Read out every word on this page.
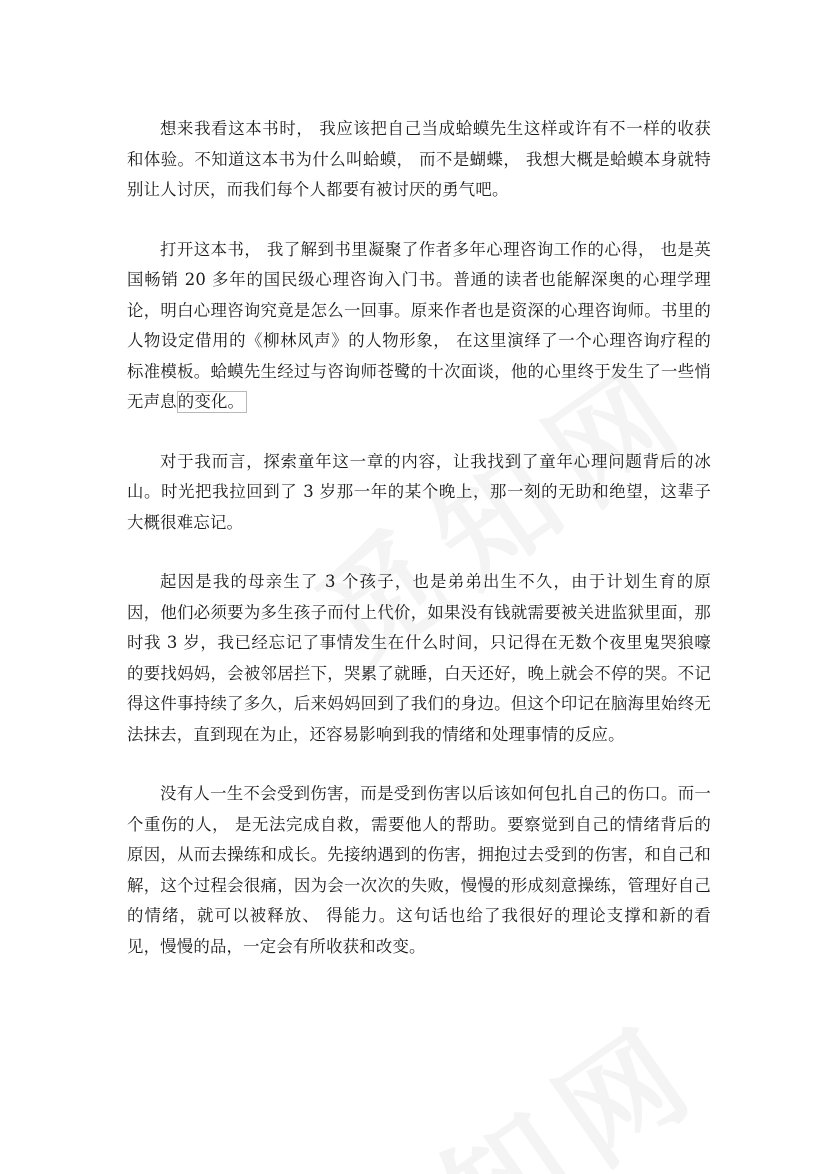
想来我看这本书时， 我应该把自己当成蛤蟆先生这样或许有不一样的收获和体验。不知道这本书为什么叫蛤蟆， 而不是蝴蝶， 我想大概是蛤蟆本身就特别让人讨厌，而我们每个人都要有被讨厌的勇气吧。

打开这本书， 我了解到书里凝聚了作者多年心理咨询工作的心得， 也是英国畅销 20 多年的国民级心理咨询入门书。普通的读者也能解深奥的心理学理论，明白心理咨询究竟是怎么一回事。原来作者也是资深的心理咨询师。书里的人物设定借用的《柳林风声》的人物形象， 在这里演绎了一个心理咨询疗程的标准模板。蛤蟆先生经过与咨询师苍鹭的十次面谈，他的心里终于发生了一些悄无声息的变化。

对于我而言，探索童年这一章的内容，让我找到了童年心理问题背后的冰山。时光把我拉回到了 3 岁那一年的某个晚上，那一刻的无助和绝望，这辈子大概很难忘记。

起因是我的母亲生了 3 个孩子，也是弟弟出生不久，由于计划生育的原因，他们必须要为多生孩子而付上代价，如果没有钱就需要被关进监狱里面，那时我 3 岁，我已经忘记了事情发生在什么时间，只记得在无数个夜里鬼哭狼嚎的要找妈妈，会被邻居拦下，哭累了就睡，白天还好，晚上就会不停的哭。不记得这件事持续了多久，后来妈妈回到了我们的身边。但这个印记在脑海里始终无法抹去，直到现在为止，还容易影响到我的情绪和处理事情的反应。

没有人一生不会受到伤害，而是受到伤害以后该如何包扎自己的伤口。而一个重伤的人， 是无法完成自救，需要他人的帮助。要察觉到自己的情绪背后的原因，从而去操练和成长。先接纳遇到的伤害，拥抱过去受到的伤害，和自己和解，这个过程会很痛，因为会一次次的失败，慢慢的形成刻意操练，管理好自己的情绪，就可以被释放、 得能力。这句话也给了我很好的理论支撑和新的看见，慢慢的品，一定会有所收获和改变。
